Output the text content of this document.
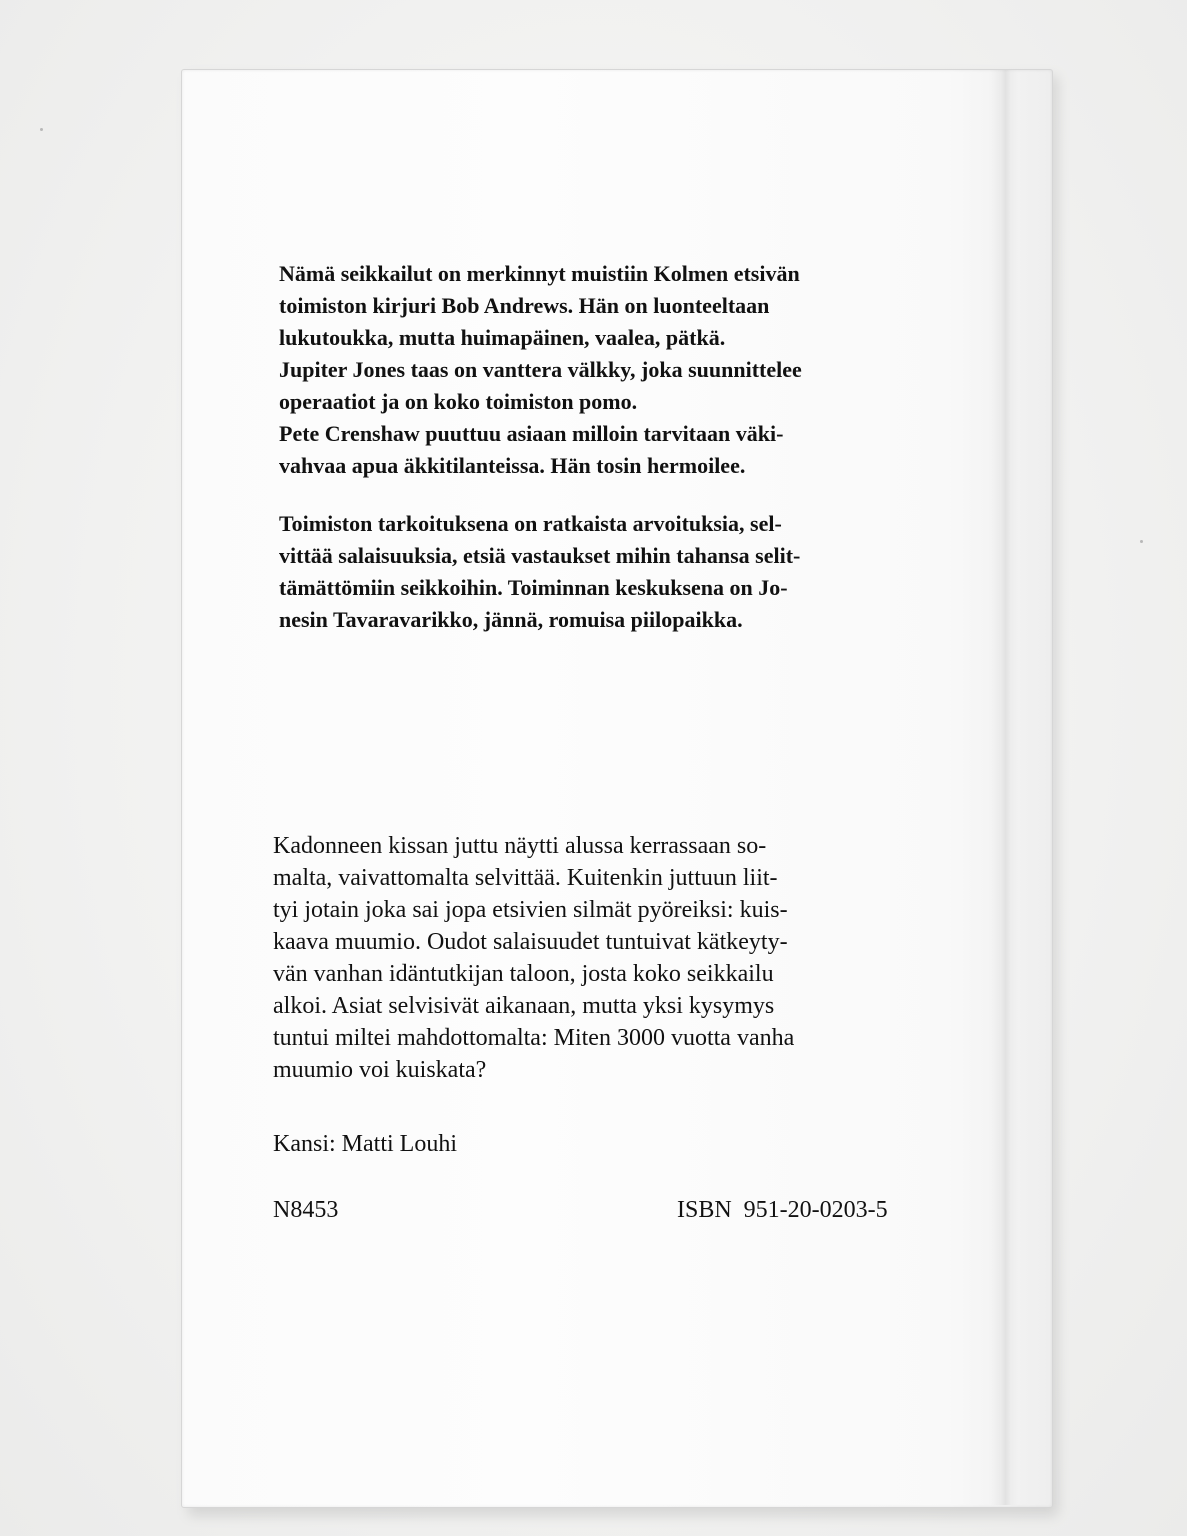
Nämä seikkailut on merkinnyt muistiin Kolmen etsivän
toimiston kirjuri Bob Andrews. Hän on luonteeltaan
lukutoukka, mutta huimapäinen, vaalea, pätkä.
Jupiter Jones taas on vanttera välkky, joka suunnittelee
operaatiot ja on koko toimiston pomo.
Pete Crenshaw puuttuu asiaan milloin tarvitaan väki-
vahvaa apua äkkitilanteissa. Hän tosin hermoilee.
Toimiston tarkoituksena on ratkaista arvoituksia, sel-
vittää salaisuuksia, etsiä vastaukset mihin tahansa selit-
tämättömiin seikkoihin. Toiminnan keskuksena on Jo-
nesin Tavaravarikko, jännä, romuisa piilopaikka.
Kadonneen kissan juttu näytti alussa kerrassaan so-
malta, vaivattomalta selvittää. Kuitenkin juttuun liit-
tyi jotain joka sai jopa etsivien silmät pyöreiksi: kuis-
kaava muumio. Oudot salaisuudet tuntuivat kätkeyty-
vän vanhan idäntutkijan taloon, josta koko seikkailu
alkoi. Asiat selvisivät aikanaan, mutta yksi kysymys
tuntui miltei mahdottomalta: Miten 3000 vuotta vanha
muumio voi kuiskata?
Kansi: Matti Louhi
N8453	ISBN  951-20-0203-5
